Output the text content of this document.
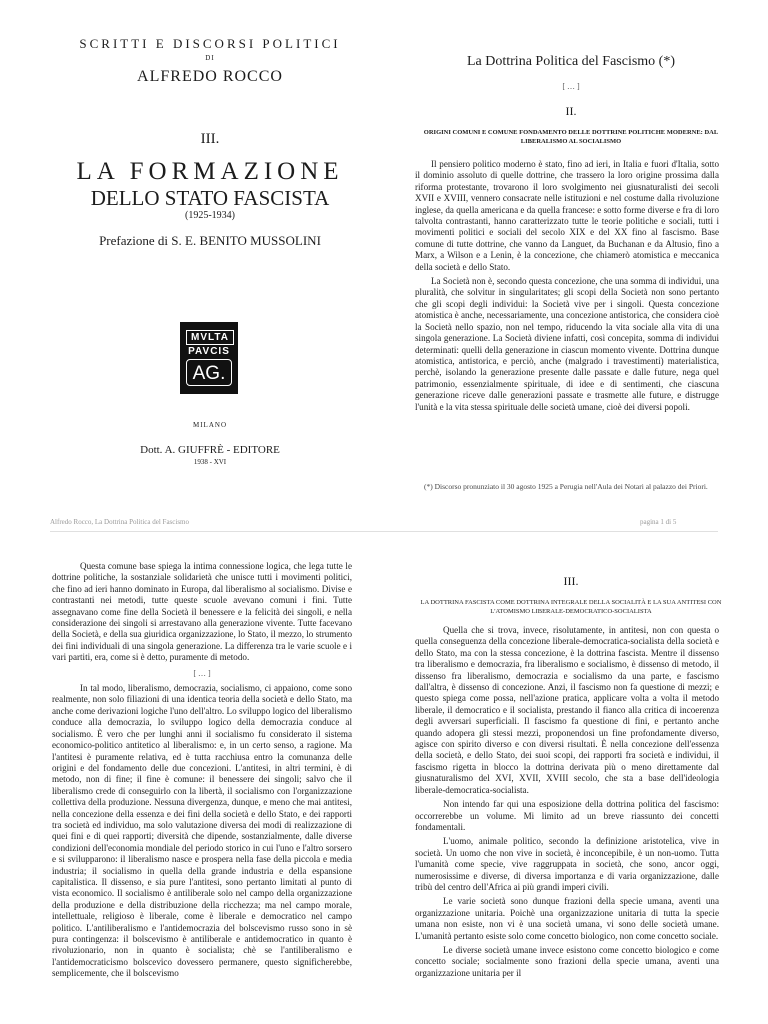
SCRITTI E DISCORSI POLITICI
DI
ALFREDO ROCCO
III.
LA FORMAZIONE
DELLO STATO FASCISTA
(1925-1934)
Prefazione di S. E. BENITO MUSSOLINI
MVLTA
PAVCIS
AG.
MILANO
Dott. A. GIUFFRÈ - EDITORE
1938 - XVI
La Dottrina Politica del Fascismo (*)
[ … ]
II.
ORIGINI COMUNI E COMUNE FONDAMENTO DELLE DOTTRINE POLITICHE MODERNE: DAL LIBERALISMO AL SOCIALISMO

Il pensiero politico moderno è stato, fino ad ieri, in Italia e fuori d'Italia, sotto il dominio assoluto di quelle dottrine, che trassero la loro origine prossima dalla riforma protestante, trovarono il loro svolgimento nei giusnaturalisti dei secoli XVII e XVIII, vennero consacrate nelle istituzioni e nel costume dalla rivoluzione inglese, da quella americana e da quella francese: e sotto forme diverse e fra di loro talvolta contrastanti, hanno caratterizzato tutte le teorie politiche e sociali, tutti i movimenti politici e sociali del secolo XIX e del XX fino al fascismo. Base comune di tutte dottrine, che vanno da Languet, da Buchanan e da Altusio, fino a Marx, a Wilson e a Lenin, è la concezione, che chiamerò atomistica e meccanica della società e dello Stato.

La Società non è, secondo questa concezione, che una somma di individui, una pluralità, che solvitur in singularitates; gli scopi della Società non sono pertanto che gli scopi degli individui: la Società vive per i singoli. Questa concezione atomistica è anche, necessariamente, una concezione antistorica, che considera cioè la Società nello spazio, non nel tempo, riducendo la vita sociale alla vita di una singola generazione. La Società diviene infatti, così concepita, somma di individui determinati: quelli della generazione in ciascun momento vivente. Dottrina dunque atomistica, antistorica, e perciò, anche (malgrado i travestimenti) materialistica, perchè, isolando la generazione presente dalle passate e dalle future, nega quel patrimonio, essenzialmente spirituale, di idee e di sentimenti, che ciascuna generazione riceve dalle generazioni passate e trasmette alle future, e distrugge l'unità e la vita stessa spirituale delle società umane, cioè dei diversi popoli.

(*) Discorso pronunziato il 30 agosto 1925 a Perugia nell'Aula dei Notari al palazzo dei Priori.
Alfredo Rocco, La Dottrina Politica del Fascismo	pagina 1 di 5

Questa comune base spiega la intima connessione logica, che lega tutte le dottrine politiche, la sostanziale solidarietà che unisce tutti i movimenti politici, che fino ad ieri hanno dominato in Europa, dal liberalismo al socialismo. Divise e contrastanti nei metodi, tutte queste scuole avevano comuni i fini. Tutte assegnavano come fine della Società il benessere e la felicità dei singoli, e nella considerazione dei singoli si arrestavano alla generazione vivente. Tutte facevano della Società, e della sua giuridica organizzazione, lo Stato, il mezzo, lo strumento dei fini individuali di una singola generazione. La differenza tra le varie scuole e i vari partiti, era, come si è detto, puramente di metodo.

[ … ]

In tal modo, liberalismo, democrazia, socialismo, ci appaiono, come sono realmente, non solo filiazioni di una identica teoria della società e dello Stato, ma anche come derivazioni logiche l'uno dell'altro. Lo sviluppo logico del liberalismo conduce alla democrazia, lo sviluppo logico della democrazia conduce al socialismo. È vero che per lunghi anni il socialismo fu considerato il sistema economico-politico antitetico al liberalismo: e, in un certo senso, a ragione. Ma l'antitesi è puramente relativa, ed è tutta racchiusa entro la comunanza delle origini e del fondamento delle due concezioni. L'antitesi, in altri termini, è di metodo, non di fine; il fine è comune: il benessere dei singoli; salvo che il liberalismo crede di conseguirlo con la libertà, il socialismo con l'organizzazione collettiva della produzione. Nessuna divergenza, dunque, e meno che mai antitesi, nella concezione della essenza e dei fini della società e dello Stato, e dei rapporti tra società ed individuo, ma solo valutazione diversa dei modi di realizzazione di quei fini e di quei rapporti; diversità che dipende, sostanzialmente, dalle diverse condizioni dell'economia mondiale del periodo storico in cui l'uno e l'altro sorsero e si svilupparono: il liberalismo nasce e prospera nella fase della piccola e media industria; il socialismo in quella della grande industria e della espansione capitalistica. Il dissenso, e sia pure l'antitesi, sono pertanto limitati al punto di vista economico. Il socialismo è antiliberale solo nel campo della organizzazione della produzione e della distribuzione della ricchezza; ma nel campo morale, intellettuale, religioso è liberale, come è liberale e democratico nel campo politico. L'antiliberalismo e l'antidemocrazia del bolscevismo russo sono in sè pura contingenza: il bolscevismo è antiliberale e antidemocratico in quanto è rivoluzionario, non in quanto è socialista; chè se l'antiliberalismo e l'antidemocraticismo bolscevico dovessero permanere, questo significherebbe, semplicemente, che il bolscevismo

III.
LA DOTTRINA FASCISTA COME DOTTRINA INTEGRALE DELLA SOCIALITÀ E LA SUA ANTITESI CON L'ATOMISMO LIBERALE-DEMOCRATICO-SOCIALISTA

Quella che si trova, invece, risolutamente, in antitesi, non con questa o quella conseguenza della concezione liberale-democratica-socialista della società e dello Stato, ma con la stessa concezione, è la dottrina fascista. Mentre il dissenso tra liberalismo e democrazia, fra liberalismo e socialismo, è dissenso di metodo, il dissenso fra liberalismo, democrazia e socialismo da una parte, e fascismo dall'altra, è dissenso di concezione. Anzi, il fascismo non fa questione di mezzi; e questo spiega come possa, nell'azione pratica, applicare volta a volta il metodo liberale, il democratico e il socialista, prestando il fianco alla critica di incoerenza degli avversari superficiali. Il fascismo fa questione di fini, e pertanto anche quando adopera gli stessi mezzi, proponendosi un fine profondamente diverso, agisce con spirito diverso e con diversi risultati. È nella concezione dell'essenza della società, e dello Stato, dei suoi scopi, dei rapporti fra società e individui, il fascismo rigetta in blocco la dottrina derivata più o meno direttamente dal giusnaturalismo del XVI, XVII, XVIII secolo, che sta a base dell'ideologia liberale-democratica-socialista.

Non intendo far qui una esposizione della dottrina politica del fascismo: occorrerebbe un volume. Mi limito ad un breve riassunto dei concetti fondamentali.

L'uomo, animale politico, secondo la definizione aristotelica, vive in società. Un uomo che non vive in società, è inconcepibile, è un non-uomo. Tutta l'umanità come specie, vive raggruppata in società, che sono, ancor oggi, numerosissime e diverse, di diversa importanza e di varia organizzazione, dalle tribù del centro dell'Africa ai più grandi imperi civili.

Le varie società sono dunque frazioni della specie umana, aventi una organizzazione unitaria. Poichè una organizzazione unitaria di tutta la specie umana non esiste, non vi è una società umana, vi sono delle società umane. L'umanità pertanto esiste solo come concetto biologico, non come concetto sociale.

Le diverse società umane invece esistono come concetto biologico e come concetto sociale; socialmente sono frazioni della specie umana, aventi una organizzazione unitaria per il
